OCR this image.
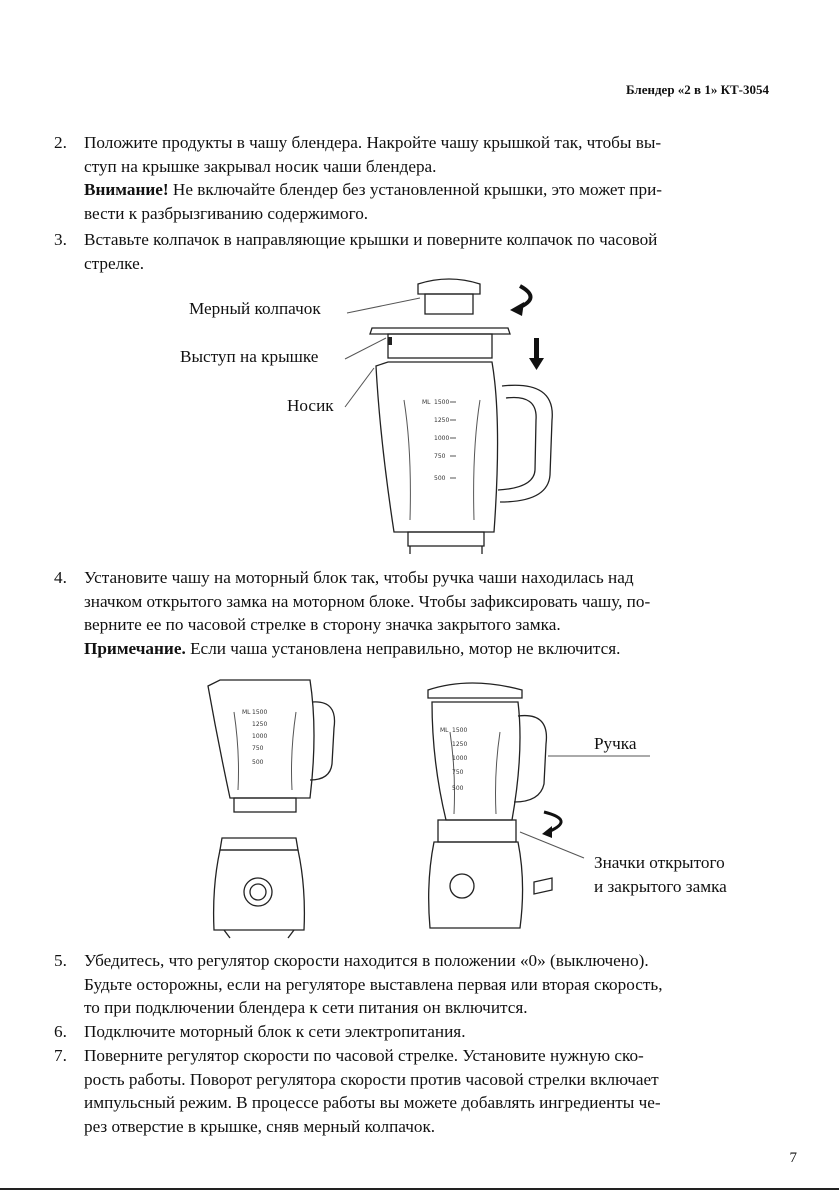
Блендер «2 в 1» КТ-3054
2. Положите продукты в чашу блендера. Накройте чашу крышкой так, чтобы вы-
ступ на крышке закрывал носик чаши блендера.
Внимание! Не включайте блендер без установленной крышки, это может при-
вести к разбрызгиванию содержимого.
3. Вставьте колпачок в направляющие крышки и поверните колпачок по часовой
стрелке.
Мерный колпачок
Выступ на крышке
Носик	ML 1500
1250
1000
750
500
4. Установите чашу на моторный блок так, чтобы ручка чаши находилась над
значком открытого замка на моторном блоке. Чтобы зафиксировать чашу, по-
верните ее по часовой стрелке в сторону значка закрытого замка.
Примечание. Если чаша установлена неправильно, мотор не включится.
ML 1500
1250
1000
750
500
ML 1500
1250
1000
750
500
Ручка
Значки открытого
и закрытого замка
5. Убедитесь, что регулятор скорости находится в положении «0» (выключено).
Будьте осторожны, если на регуляторе выставлена первая или вторая скорость,
то при подключении блендера к сети питания он включится.
6. Подключите моторный блок к сети электропитания.
7. Поверните регулятор скорости по часовой стрелке. Установите нужную ско-
рость работы. Поворот регулятора скорости против часовой стрелки включает
импульсный режим. В процессе работы вы можете добавлять ингредиенты че-
рез отверстие в крышке, сняв мерный колпачок.
7
